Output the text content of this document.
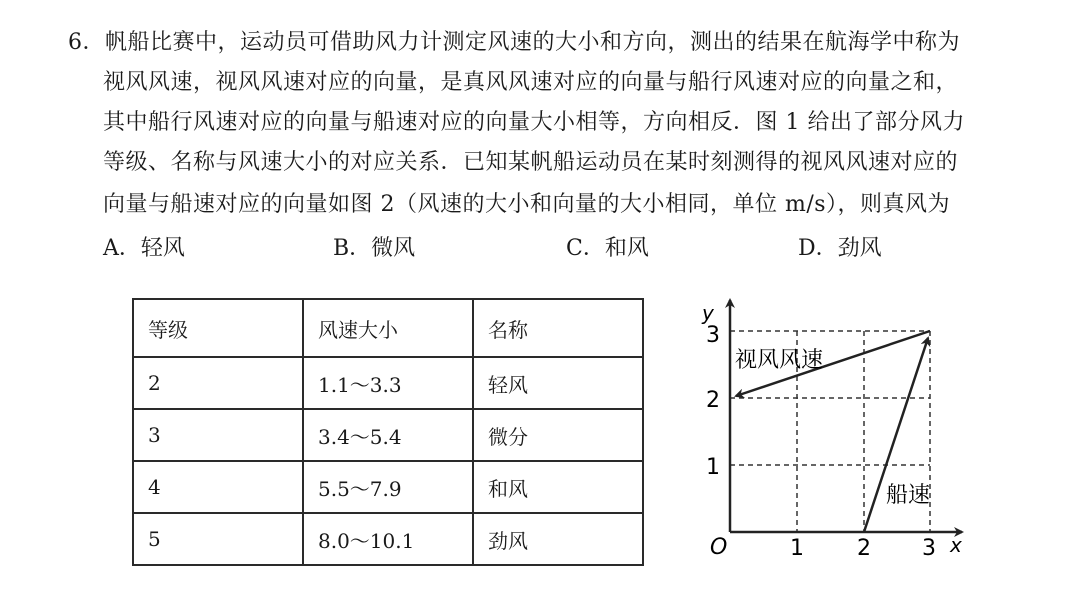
6．帆船比赛中，运动员可借助风力计测定风速的大小和方向，测出的结果在航海学中称为
视风风速，视风风速对应的向量，是真风风速对应的向量与船行风速对应的向量之和，
其中船行风速对应的向量与船速对应的向量大小相等，方向相反．图 1 给出了部分风力
等级、名称与风速大小的对应关系．已知某帆船运动员在某时刻测得的视风风速对应的
向量与船速对应的向量如图 2（风速的大小和向量的大小相同，单位 m/s），则真风为
A．轻风	B．微风	C．和风	D．劲风
等级	风速大小	名称
2	1.1～3.3	轻风
3	3.4～5.4	微分
4	5.5～7.9	和风
5	8.0～10.1	劲风	x
y
O	1 2 3
1
2
3
视风风速
船速
